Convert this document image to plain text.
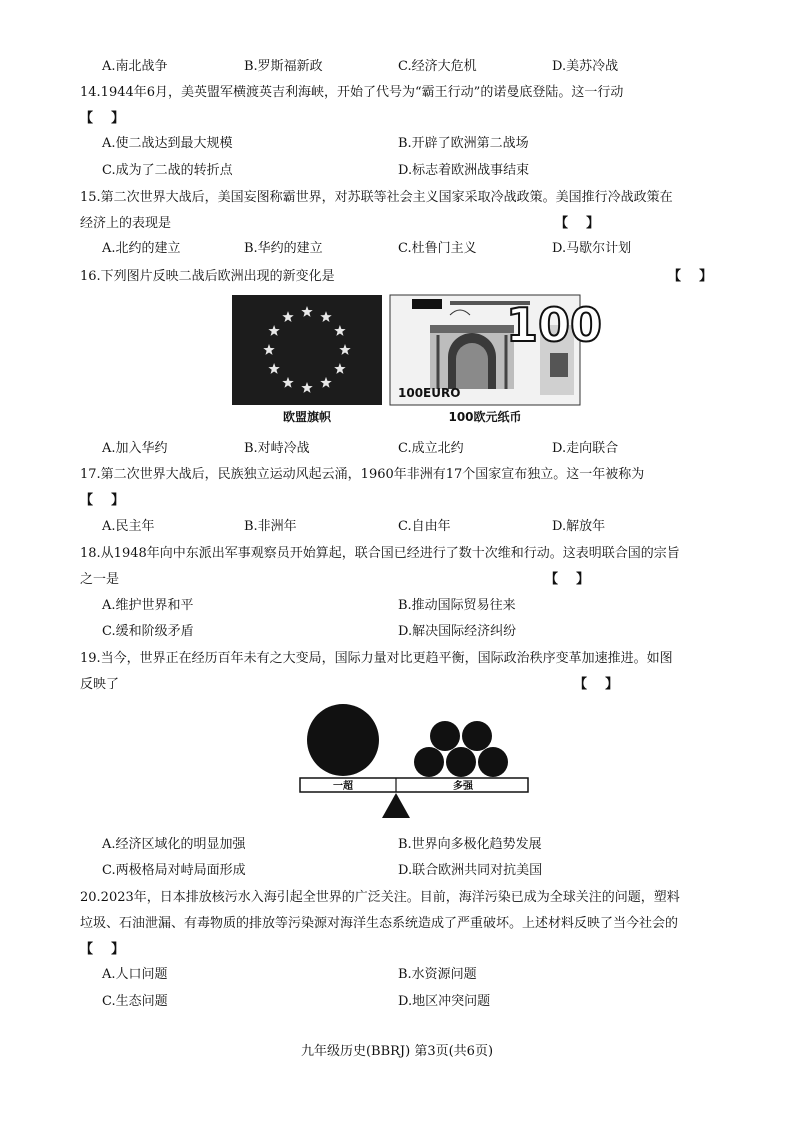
A.南北战争	B.罗斯福新政	C.经济大危机	D.美苏冷战
14.1944年6月，美英盟军横渡英吉利海峡，开始了代号为“霸王行动”的诺曼底登陆。这一行动
【    】
A.使二战达到最大规模	B.开辟了欧洲第二战场
C.成为了二战的转折点	D.标志着欧洲战事结束
15.第二次世界大战后，美国妄图称霸世界，对苏联等社会主义国家采取冷战政策。美国推行冷战政策在
经济上的表现是	【    】
A.北约的建立	B.华约的建立	C.杜鲁门主义	D.马歇尔计划
16.下列图片反映二战后欧洲出现的新变化是	【    】
欧盟旗帜
100EURO
100
100欧元纸币
A.加入华约	B.对峙冷战	C.成立北约	D.走向联合
17.第二次世界大战后，民族独立运动风起云涌，1960年非洲有17个国家宣布独立。这一年被称为
【    】
A.民主年	B.非洲年	C.自由年	D.解放年
18.从1948年向中东派出军事观察员开始算起，联合国已经进行了数十次维和行动。这表明联合国的宗旨
之一是	【    】
A.维护世界和平	B.推动国际贸易往来
C.缓和阶级矛盾	D.解决国际经济纠纷
19.当今，世界正在经历百年未有之大变局，国际力量对比更趋平衡，国际政治秩序变革加速推进。如图
反映了	【    】
一超	多强
A.经济区域化的明显加强	B.世界向多极化趋势发展
C.两极格局对峙局面形成	D.联合欧洲共同对抗美国
20.2023年，日本排放核污水入海引起全世界的广泛关注。目前，海洋污染已成为全球关注的问题，塑料
垃圾、石油泄漏、有毒物质的排放等污染源对海洋生态系统造成了严重破坏。上述材料反映了当今社会的
【    】
A.人口问题	B.水资源问题
C.生态问题	D.地区冲突问题
九年级历史(BBRJ) 第3页(共6页)
